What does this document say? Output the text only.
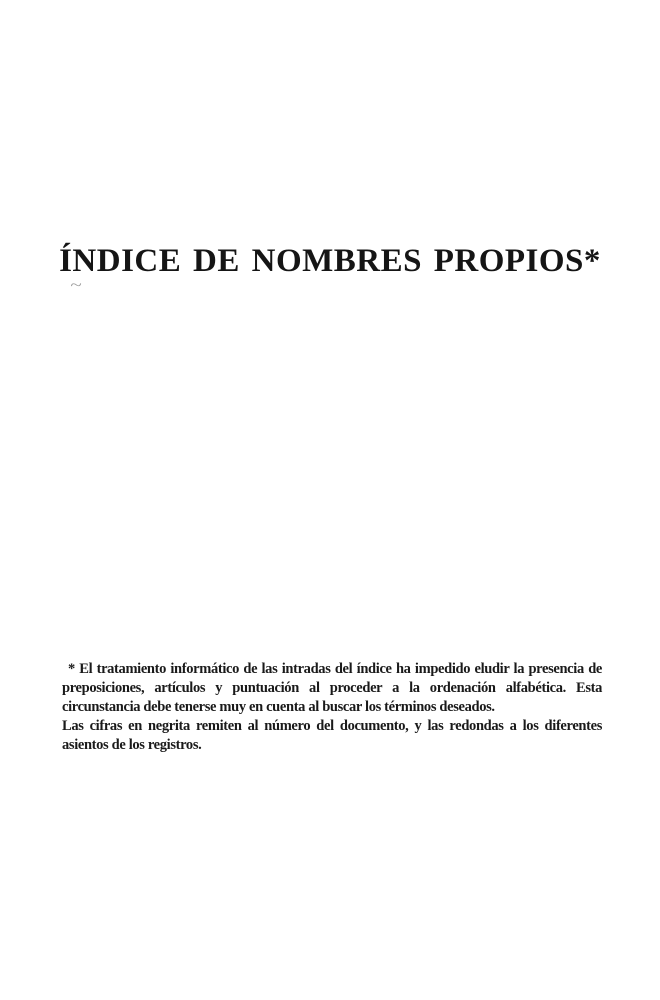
ÍNDICE DE NOMBRES PROPIOS*
~

* El tratamiento informático de las intradas del índice ha impedido eludir la presencia de preposiciones, artículos y puntuación al proceder a la ordenación alfabética. Esta circunstancia debe tenerse muy en cuenta al buscar los términos deseados.

Las cifras en negrita remiten al número del documento, y las redondas a los diferentes asientos de los registros.
